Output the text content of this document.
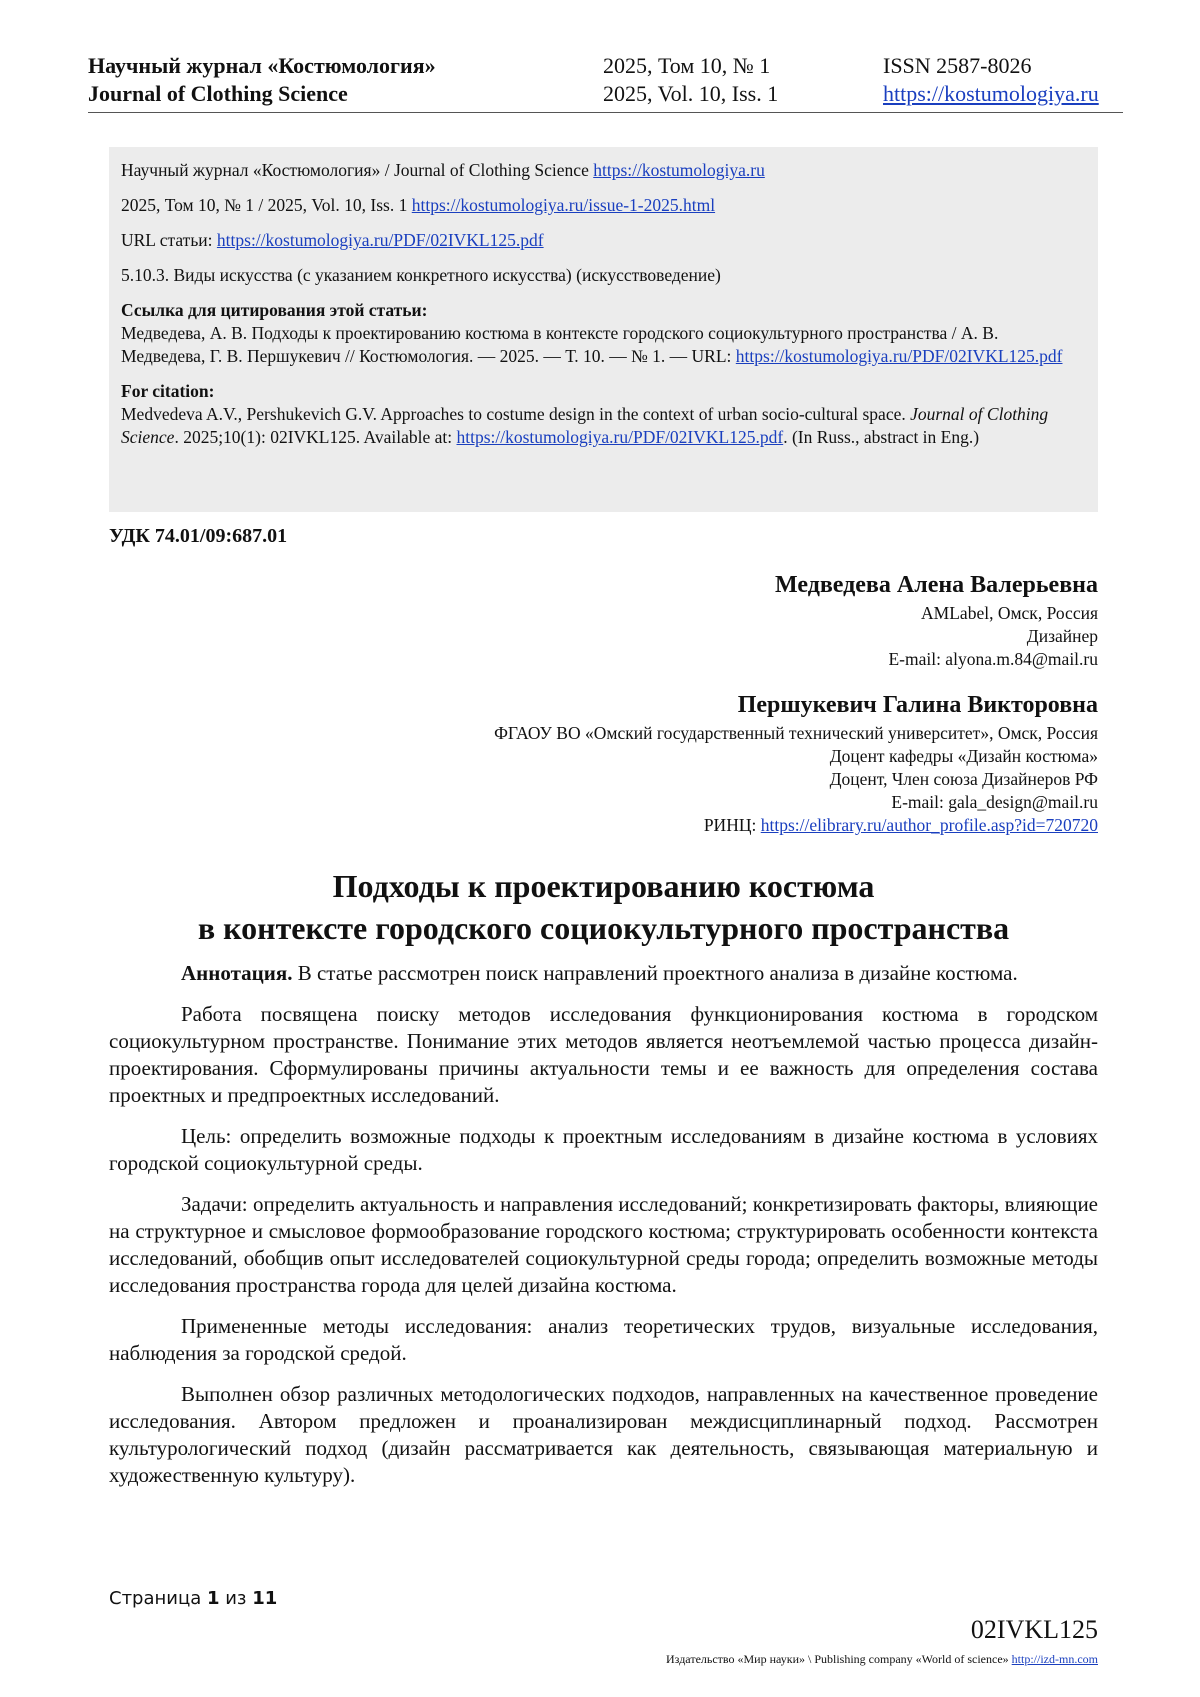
Научный журнал «Костюмология»
Journal of Clothing Science
2025, Том 10, № 1
2025, Vol. 10, Iss. 1
ISSN 2587-8026
https://kostumologiya.ru

Научный журнал «Костюмология» / Journal of Clothing Science https://kostumologiya.ru

2025, Том 10, № 1 / 2025, Vol. 10, Iss. 1 https://kostumologiya.ru/issue-1-2025.html

URL статьи: https://kostumologiya.ru/PDF/02IVKL125.pdf

5.10.3. Виды искусства (с указанием конкретного искусства) (искусствоведение)

Ссылка для цитирования этой статьи:
Медведева, А. В. Подходы к проектированию костюма в контексте городского социокультурного пространства / А. В. Медведева, Г. В. Першукевич // Костюмология. — 2025. — Т. 10. — № 1. — URL: https://kostumologiya.ru/PDF/02IVKL125.pdf

For citation:
Medvedeva A.V., Pershukevich G.V. Approaches to costume design in the context of urban socio-cultural space. Journal of Clothing Science. 2025;10(1): 02IVKL125. Available at: https://kostumologiya.ru/PDF/02IVKL125.pdf. (In Russ., abstract in Eng.)

УДК 74.01/09:687.01
Медведева Алена Валерьевна
AMLabel, Омск, Россия
Дизайнер
E-mail: alyona.m.84@mail.ru
Першукевич Галина Викторовна
ФГАОУ ВО «Омский государственный технический университет», Омск, Россия
Доцент кафедры «Дизайн костюма»
Доцент, Член союза Дизайнеров РФ
E-mail: gala_design@mail.ru
РИНЦ: https://elibrary.ru/author_profile.asp?id=720720
Подходы к проектированию костюма
в контексте городского социокультурного пространства

Аннотация. В статье рассмотрен поиск направлений проектного анализа в дизайне костюма.

Работа посвящена поиску методов исследования функционирования костюма в городском социокультурном пространстве. Понимание этих методов является неотъемлемой частью процесса дизайн-проектирования. Сформулированы причины актуальности темы и ее важность для определения состава проектных и предпроектных исследований.

Цель: определить возможные подходы к проектным исследованиям в дизайне костюма в условиях городской социокультурной среды.

Задачи: определить актуальность и направления исследований; конкретизировать факторы, влияющие на структурное и смысловое формообразование городского костюма; структурировать особенности контекста исследований, обобщив опыт исследователей социокультурной среды города; определить возможные методы исследования пространства города для целей дизайна костюма.

Примененные методы исследования: анализ теоретических трудов, визуальные исследования, наблюдения за городской средой.

Выполнен обзор различных методологических подходов, направленных на качественное проведение исследования. Автором предложен и проанализирован междисциплинарный подход. Рассмотрен культурологический подход (дизайн рассматривается как деятельность, связывающая материальную и художественную культуру).

Страница 1 из 11
02IVKL125
Издательство «Мир науки» \ Publishing company «World of science» http://izd-mn.com
